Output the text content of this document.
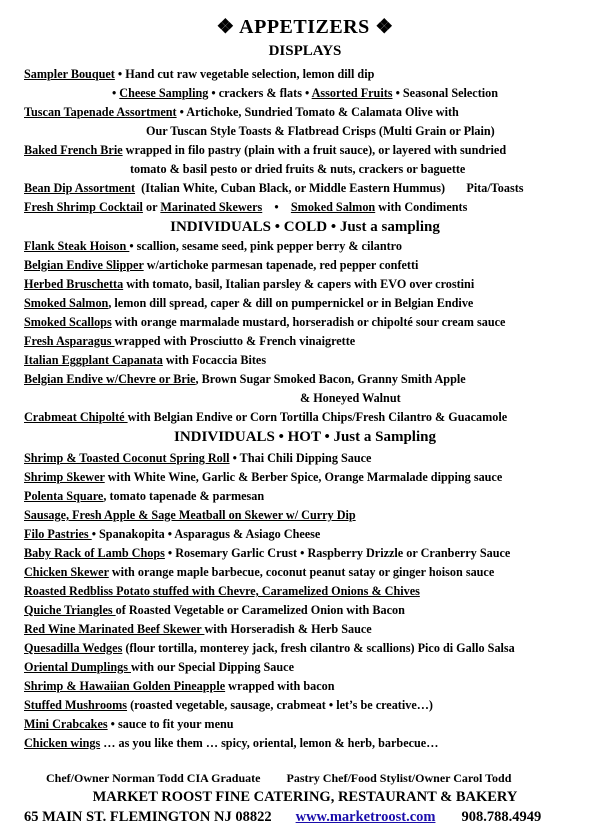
❖ APPETIZERS ❖
DISPLAYS
Sampler Bouquet • Hand cut raw vegetable selection, lemon dill dip
• Cheese Sampling • crackers & flats • Assorted Fruits • Seasonal Selection
Tuscan Tapenade Assortment • Artichoke, Sundried Tomato & Calamata Olive with
Our Tuscan Style Toasts & Flatbread Crisps (Multi Grain or Plain)
Baked French Brie wrapped in filo pastry (plain with a fruit sauce), or layered with sundried
tomato & basil pesto or dried fruits & nuts, crackers or baguette
Bean Dip Assortment  (Italian White, Cuban Black, or Middle Eastern Hummus)       Pita/Toasts
Fresh Shrimp Cocktail or Marinated Skewers    •    Smoked Salmon with Condiments
INDIVIDUALS • COLD • Just a sampling
Flank Steak Hoison • scallion, sesame seed, pink pepper berry & cilantro
Belgian Endive Slipper w/artichoke parmesan tapenade, red pepper confetti
Herbed Bruschetta with tomato, basil, Italian parsley & capers with EVO over crostini
Smoked Salmon, lemon dill spread, caper & dill on pumpernickel or in Belgian Endive
Smoked Scallops with orange marmalade mustard, horseradish or chipolté sour cream sauce
Fresh Asparagus wrapped with Prosciutto & French vinaigrette
Italian Eggplant Capanata with Focaccia Bites
Belgian Endive w/Chevre or Brie, Brown Sugar Smoked Bacon, Granny Smith Apple
& Honeyed Walnut
Crabmeat Chipolté with Belgian Endive or Corn Tortilla Chips/Fresh Cilantro & Guacamole
INDIVIDUALS • HOT • Just a Sampling
Shrimp & Toasted Coconut Spring Roll • Thai Chili Dipping Sauce
Shrimp Skewer with White Wine, Garlic & Berber Spice, Orange Marmalade dipping sauce
Polenta Square, tomato tapenade & parmesan
Sausage, Fresh Apple & Sage Meatball on Skewer w/ Curry Dip
Filo Pastries • Spanakopita • Asparagus & Asiago Cheese
Baby Rack of Lamb Chops • Rosemary Garlic Crust • Raspberry Drizzle or Cranberry Sauce
Chicken Skewer with orange maple barbecue, coconut peanut satay or ginger hoison sauce
Roasted Redbliss Potato stuffed with Chevre, Caramelized Onions & Chives
Quiche Triangles of Roasted Vegetable or Caramelized Onion with Bacon
Red Wine Marinated Beef Skewer with Horseradish & Herb Sauce
Quesadilla Wedges (flour tortilla, monterey jack, fresh cilantro & scallions) Pico di Gallo Salsa
Oriental Dumplings with our Special Dipping Sauce
Shrimp & Hawaiian Golden Pineapple wrapped with bacon
Stuffed Mushrooms (roasted vegetable, sausage, crabmeat • let’s be creative…)
Mini Crabcakes • sauce to fit your menu
Chicken wings … as you like them … spicy, oriental, lemon & herb, barbecue…
Chef/Owner Norman Todd CIA Graduate Pastry Chef/Food Stylist/Owner Carol Todd
MARKET ROOST FINE CATERING, RESTAURANT & BAKERY
65 MAIN ST. FLEMINGTON NJ 08822 www.marketroost.com 908.788.4949
